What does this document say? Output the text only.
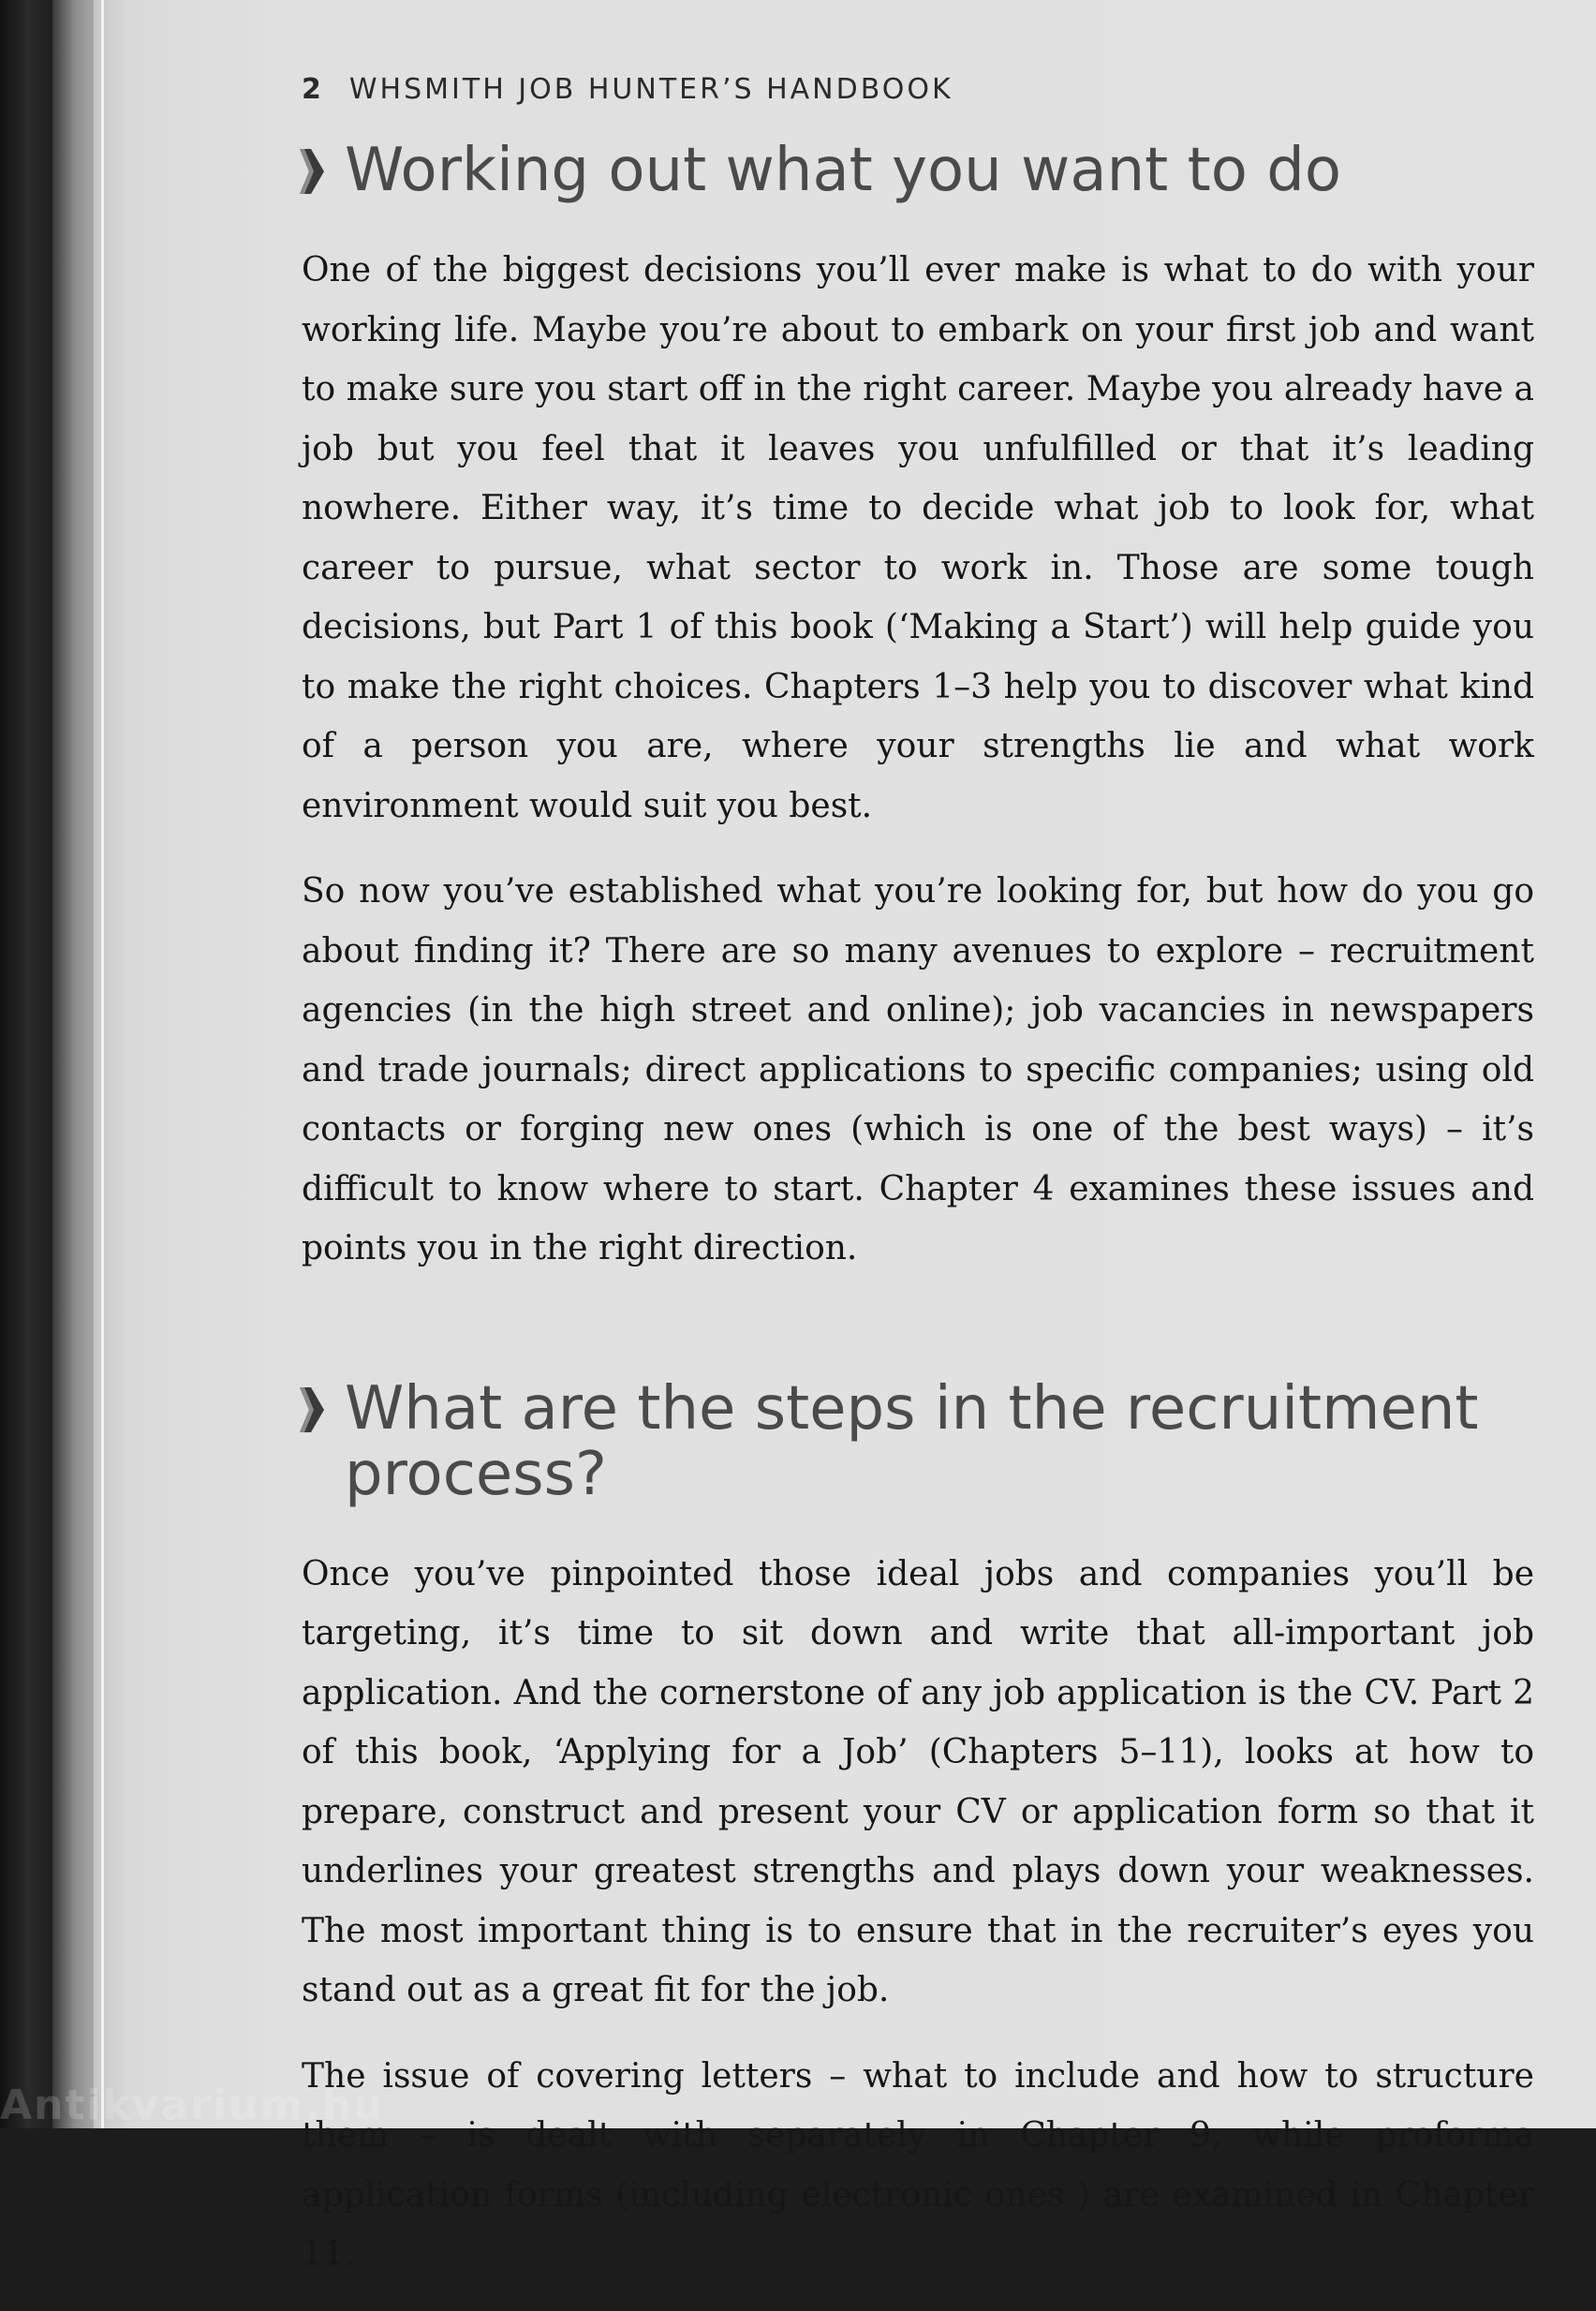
2 WHSMITH JOB HUNTER’S HANDBOOK
Working out what you want to do

One of the biggest decisions you’ll ever make is what to do with your working life. Maybe you’re about to embark on your first job and want to make sure you start off in the right career. Maybe you already have a job but you feel that it leaves you unfulfilled or that it’s leading nowhere. Either way, it’s time to decide what job to look for, what career to pursue, what sector to work in. Those are some tough decisions, but Part 1 of this book (‘Making a Start’) will help guide you to make the right choices. Chapters 1–3 help you to discover what kind of a person you are, where your strengths lie and what work environment would suit you best.

So now you’ve established what you’re looking for, but how do you go about finding it? There are so many avenues to explore – recruitment agencies (in the high street and online); job vacancies in newspapers and trade journals; direct applications to specific companies; using old contacts or forging new ones (which is one of the best ways) – it’s difficult to know where to start. Chapter 4 examines these issues and points you in the right direction.

What are the steps in the recruitment process?

Once you’ve pinpointed those ideal jobs and companies you’ll be targeting, it’s time to sit down and write that all-important job application. And the cornerstone of any job application is the CV. Part 2 of this book, ‘Applying for a Job’ (Chapters 5–11), looks at how to prepare, construct and present your CV or application form so that it underlines your greatest strengths and plays down your weaknesses. The most important thing is to ensure that in the recruiter’s eyes you stand out as a great fit for the job.

The issue of covering letters – what to include and how to structure them – is dealt with separately in Chapter 9, while proforma application forms (including electronic ones ) are examined in Chapter 11.

Antikvarium.hu
